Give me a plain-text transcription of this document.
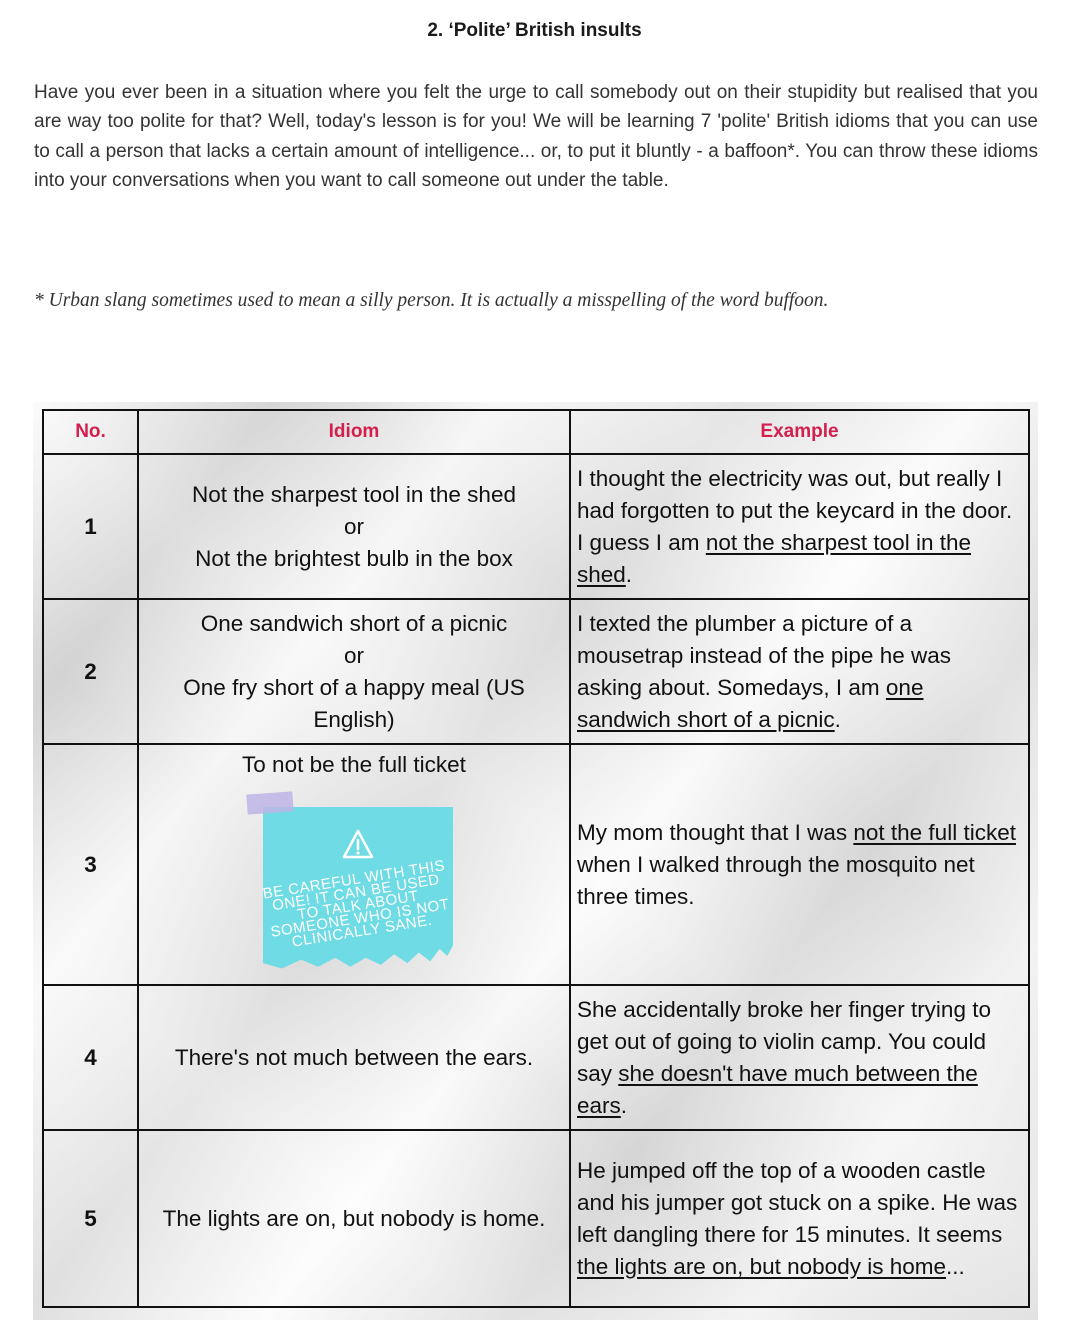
2. ‘Polite’ British insults
Have you ever been in a situation where you felt the urge to call somebody out on their stupidity but realised that you are way too polite for that? Well, today's lesson is for you! We will be learning 7 'polite' British idioms that you can use to call a person that lacks a certain amount of intelligence... or, to put it bluntly - a baffoon*. You can throw these idioms into your conversations when you want to call someone out under the table.
* Urban slang sometimes used to mean a silly person. It is actually a misspelling of the word buffoon.
No.	Idiom	Example
1	Not the sharpest tool in the shed
or
Not the brightest bulb in the box	I thought the electricity was out, but really I had forgotten to put the keycard in the door. I guess I am not the sharpest tool in the shed.
2	One sandwich short of a picnic
or
One fry short of a happy meal (US English)	I texted the plumber a picture of a mousetrap instead of the pipe he was asking about. Somedays, I am one sandwich short of a picnic.
3	To not be the full ticket
BE CAREFUL WITH THIS ONE! IT CAN BE USED TO TALK ABOUT SOMEONE WHO IS NOT CLINICALLY SANE.	My mom thought that I was not the full ticket when I walked through the mosquito net three times.
4	There's not much between the ears.	She accidentally broke her finger trying to get out of going to violin camp. You could say she doesn't have much between the ears.
5	The lights are on, but nobody is home.	He jumped off the top of a wooden castle and his jumper got stuck on a spike. He was left dangling there for 15 minutes. It seems the lights are on, but nobody is home...
